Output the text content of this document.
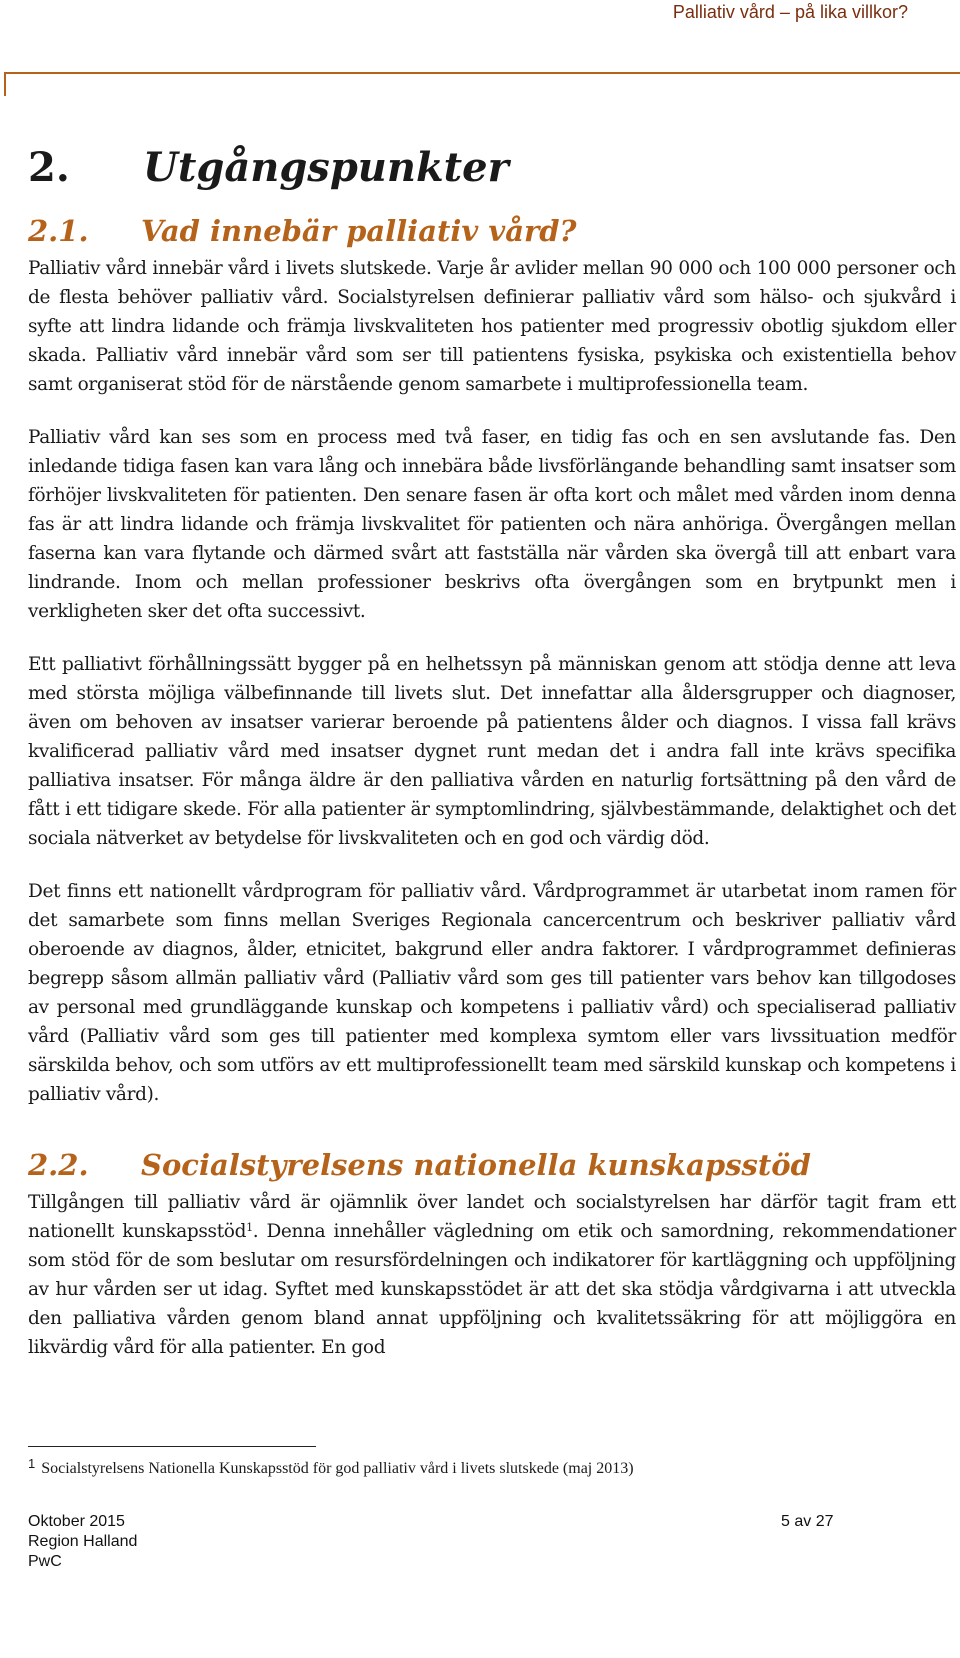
Palliativ vård – på lika villkor?
2. Utgångspunkter
2.1. Vad innebär palliativ vård?

Palliativ vård innebär vård i livets slutskede. Varje år avlider mellan 90 000 och 100 000 personer och de flesta behöver palliativ vård. Socialstyrelsen definierar palliativ vård som hälso- och sjukvård i syfte att lindra lidande och främja livskvaliteten hos patienter med progressiv obotlig sjukdom eller skada. Palliativ vård innebär vård som ser till patientens fysiska, psykiska och existentiella behov samt organiserat stöd för de närstående genom samarbete i multiprofessionella team.

Palliativ vård kan ses som en process med två faser, en tidig fas och en sen avslutande fas. Den inledande tidiga fasen kan vara lång och innebära både livsförlängande behandling samt insatser som förhöjer livskvaliteten för patienten. Den senare fasen är ofta kort och målet med vården inom denna fas är att lindra lidande och främja livskvalitet för patienten och nära anhöriga. Övergången mellan faserna kan vara flytande och därmed svårt att fastställa när vården ska övergå till att enbart vara lindrande. Inom och mellan professioner beskrivs ofta övergången som en brytpunkt men i verkligheten sker det ofta successivt.

Ett palliativt förhållningssätt bygger på en helhetssyn på människan genom att stödja denne att leva med största möjliga välbefinnande till livets slut. Det innefattar alla åldersgrupper och diagnoser, även om behoven av insatser varierar beroende på patientens ålder och diagnos. I vissa fall krävs kvalificerad palliativ vård med insatser dygnet runt medan det i andra fall inte krävs specifika palliativa insatser. För många äldre är den palliativa vården en naturlig fortsättning på den vård de fått i ett tidigare skede. För alla patienter är symptomlindring, självbestämmande, delaktighet och det sociala nätverket av betydelse för livskvaliteten och en god och värdig död.

Det finns ett nationellt vårdprogram för palliativ vård. Vårdprogrammet är utarbetat inom ramen för det samarbete som finns mellan Sveriges Regionala cancercentrum och beskriver palliativ vård oberoende av diagnos, ålder, etnicitet, bakgrund eller andra faktorer. I vårdprogrammet definieras begrepp såsom allmän palliativ vård (Palliativ vård som ges till patienter vars behov kan tillgodoses av personal med grundläggande kunskap och kompetens i palliativ vård) och specialiserad palliativ vård (Palliativ vård som ges till patienter med komplexa symtom eller vars livssituation medför särskilda behov, och som utförs av ett multiprofessionellt team med särskild kunskap och kompetens i palliativ vård).

2.2. Socialstyrelsens nationella kunskapsstöd

Tillgången till palliativ vård är ojämnlik över landet och socialstyrelsen har därför tagit fram ett nationellt kunskapsstöd$^1$. Denna innehåller vägledning om etik och samordning, rekommendationer som stöd för de som beslutar om resursfördelningen och indikatorer för kartläggning och uppföljning av hur vården ser ut idag. Syftet med kunskapsstödet är att det ska stödja vårdgivarna i att utveckla den palliativa vården genom bland annat uppföljning och kvalitetssäkring för att möjliggöra en likvärdig vård för alla patienter. En god

$^1$ Socialstyrelsens Nationella Kunskapsstöd för god palliativ vård i livets slutskede (maj 2013)
Oktober 2015
Region Halland
PwC
5 av 27
